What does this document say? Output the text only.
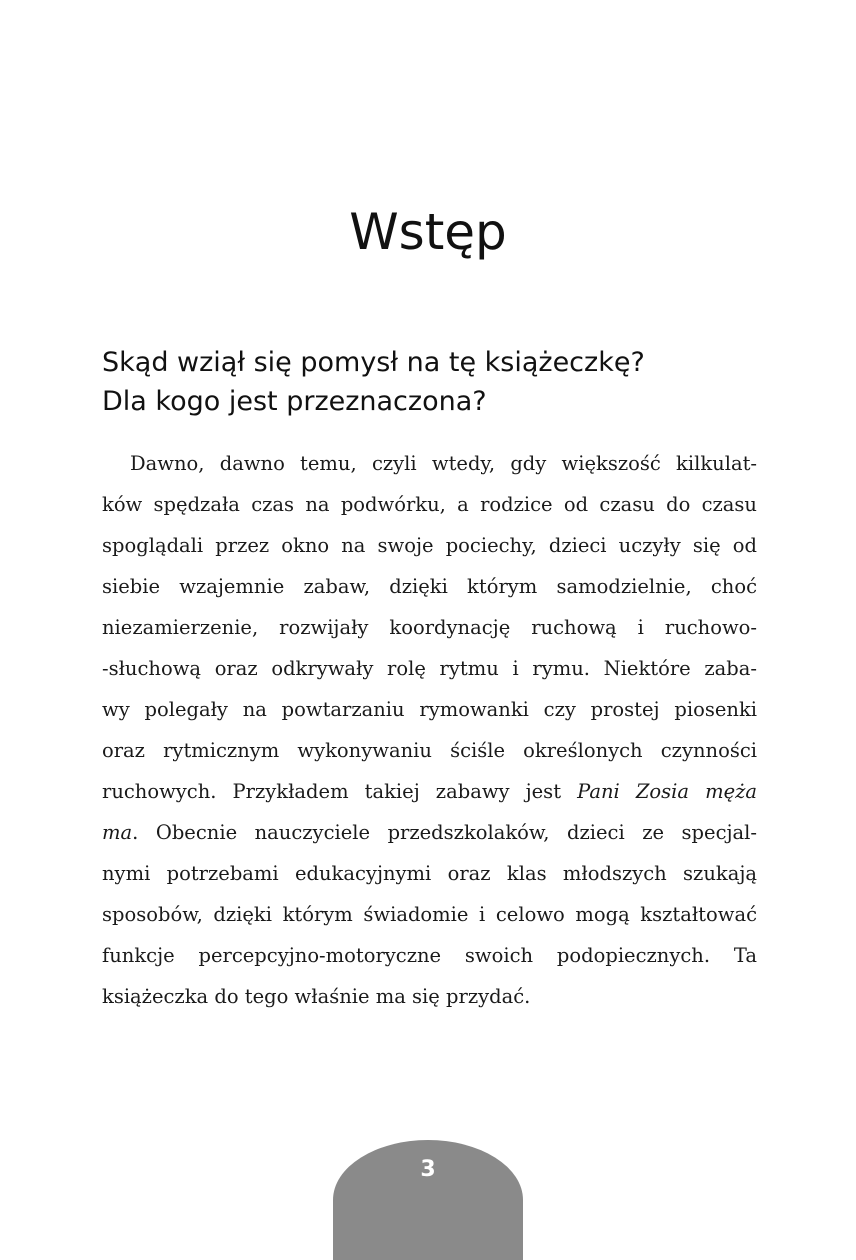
Wstęp
Skąd wziął się pomysł na tę książeczkę?
Dla kogo jest przeznaczona?
Dawno, dawno temu, czyli wtedy, gdy większość kilkulat-
ków spędzała czas na podwórku, a rodzice od czasu do czasu
spoglądali przez okno na swoje pociechy, dzieci uczyły się od
siebie wzajemnie zabaw, dzięki którym samodzielnie, choć
niezamierzenie, rozwijały koordynację ruchową i ruchowo-
-słuchową oraz odkrywały rolę rytmu i rymu. Niektóre zaba-
wy polegały na powtarzaniu rymowanki czy prostej piosenki
oraz rytmicznym wykonywaniu ściśle określonych czynności
ruchowych. Przykładem takiej zabawy jest Pani Zosia męża
ma. Obecnie nauczyciele przedszkolaków, dzieci ze specjal-
nymi potrzebami edukacyjnymi oraz klas młodszych szukają
sposobów, dzięki którym świadomie i celowo mogą kształtować
funkcje percepcyjno-motoryczne swoich podopiecznych. Ta
książeczka do tego właśnie ma się przydać.
3
